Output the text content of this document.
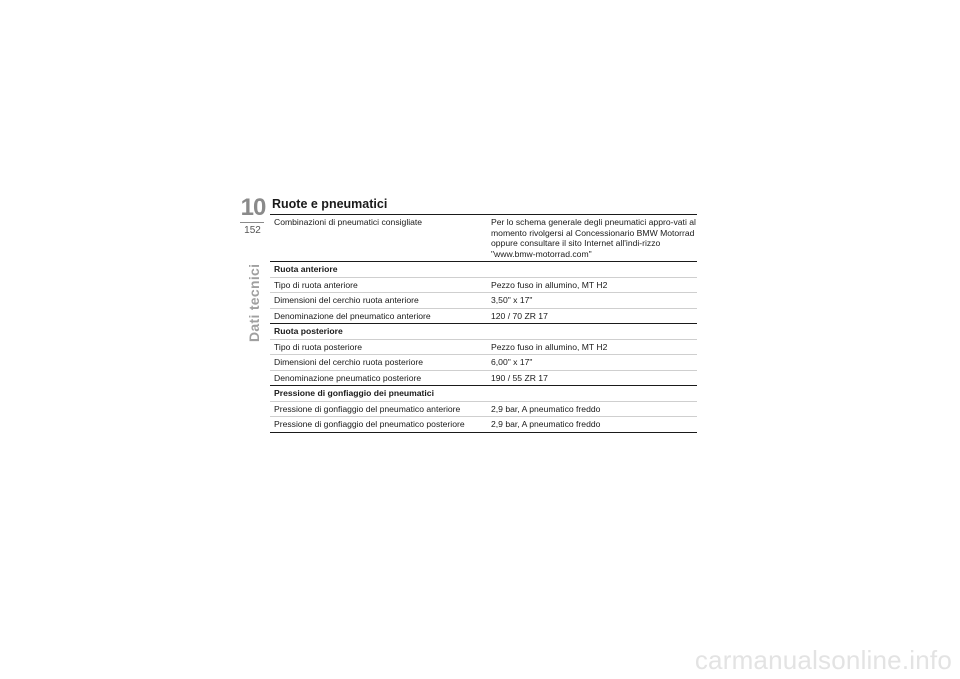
10
152
Dati tecnici
Ruote e pneumatici
Combinazioni di pneumatici consigliate	Per lo schema generale degli pneumatici appro-vati al momento rivolgersi al Concessionario BMW Motorrad oppure consultare il sito Internet all'indi-rizzo "www.bmw-motorrad.com"
Ruota anteriore	
Tipo di ruota anteriore	Pezzo fuso in allumino, MT H2
Dimensioni del cerchio ruota anteriore	3,50" x 17"
Denominazione del pneumatico anteriore	120 / 70 ZR 17
Ruota posteriore	
Tipo di ruota posteriore	Pezzo fuso in allumino, MT H2
Dimensioni del cerchio ruota posteriore	6,00" x 17"
Denominazione pneumatico posteriore	190 / 55 ZR 17
Pressione di gonfiaggio dei pneumatici	
Pressione di gonfiaggio del pneumatico anteriore	2,9 bar, A pneumatico freddo
Pressione di gonfiaggio del pneumatico posteriore	2,9 bar, A pneumatico freddo
carmanualsonline.info
